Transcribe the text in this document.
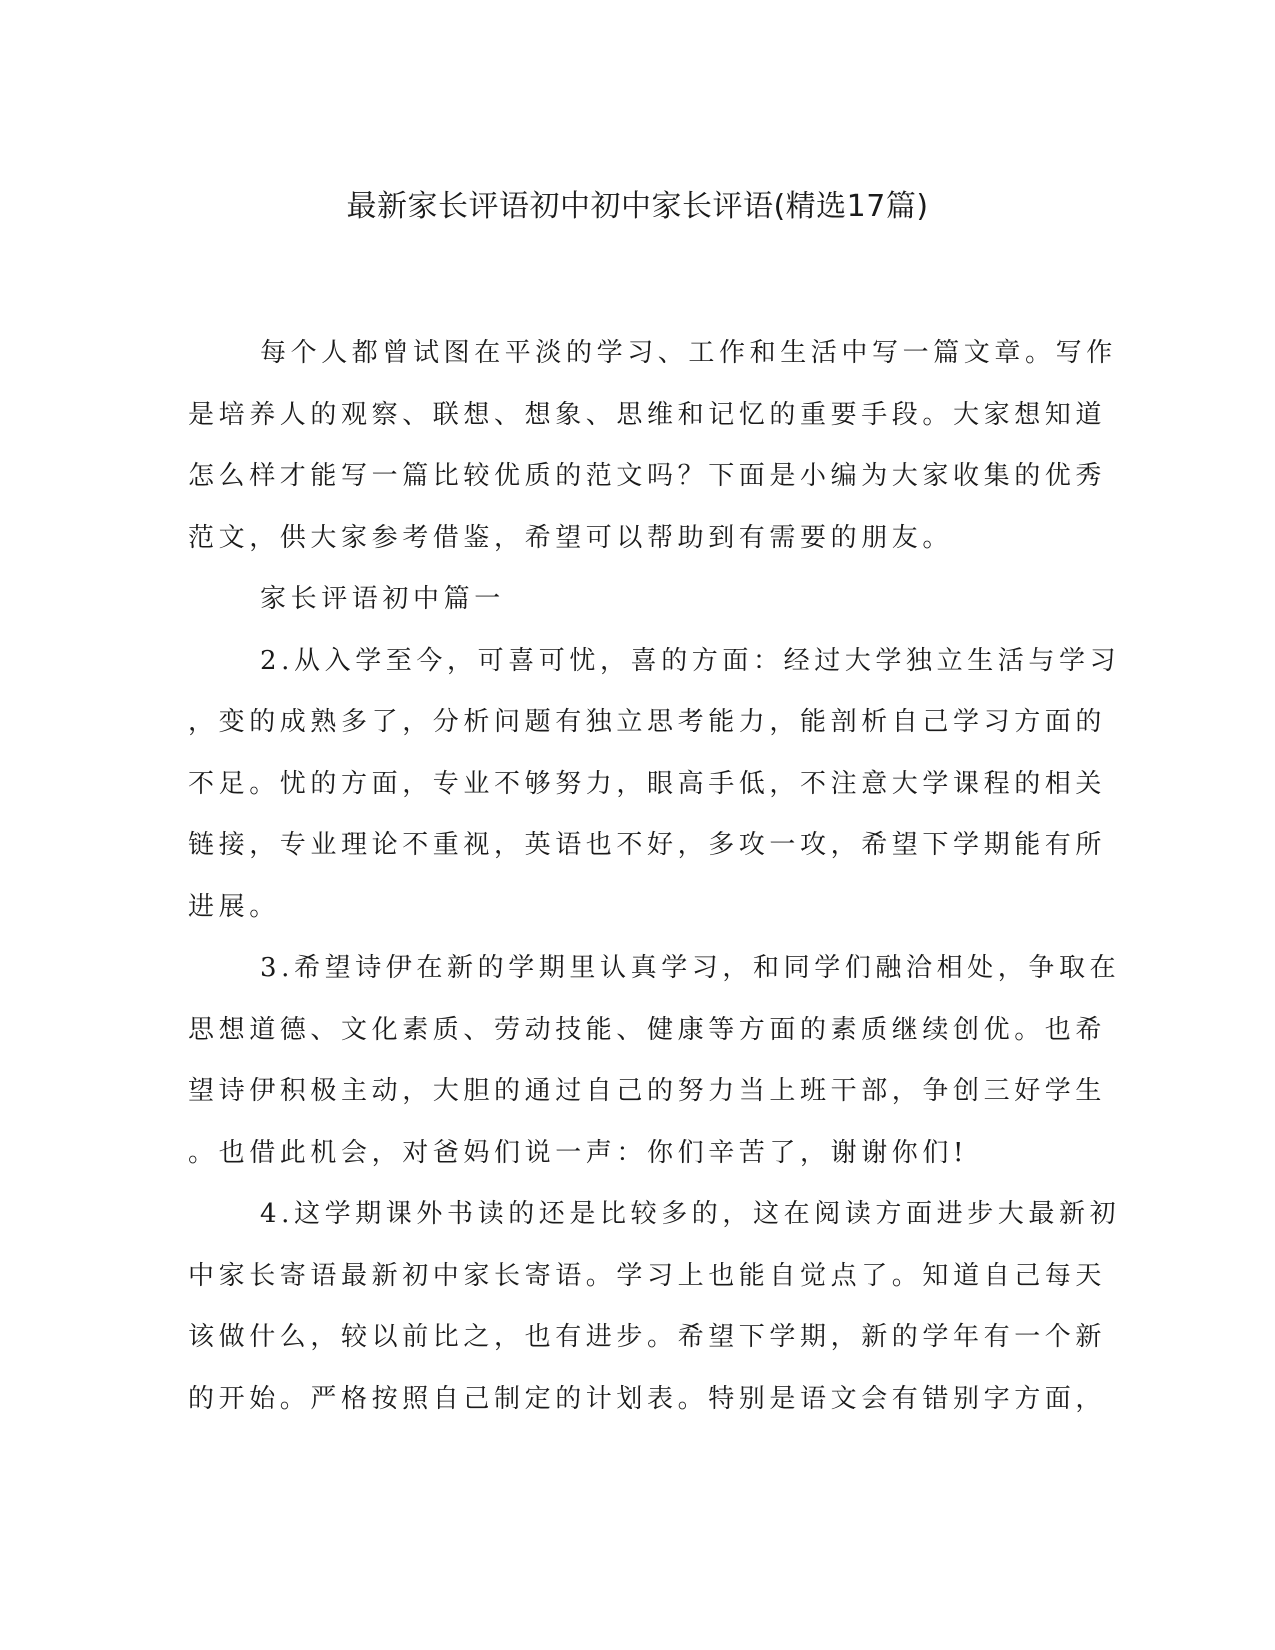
最新家长评语初中初中家长评语(精选17篇)
每个人都曾试图在平淡的学习、工作和生活中写一篇文章。写作
是培养人的观察、联想、想象、思维和记忆的重要手段。大家想知道
怎么样才能写一篇比较优质的范文吗？下面是小编为大家收集的优秀
范文，供大家参考借鉴，希望可以帮助到有需要的朋友。
家长评语初中篇一
2.从入学至今，可喜可忧，喜的方面：经过大学独立生活与学习
，变的成熟多了，分析问题有独立思考能力，能剖析自己学习方面的
不足。忧的方面，专业不够努力，眼高手低，不注意大学课程的相关
链接，专业理论不重视，英语也不好，多攻一攻，希望下学期能有所
进展。
3.希望诗伊在新的学期里认真学习，和同学们融洽相处，争取在
思想道德、文化素质、劳动技能、健康等方面的素质继续创优。也希
望诗伊积极主动，大胆的通过自己的努力当上班干部，争创三好学生
。也借此机会，对爸妈们说一声：你们辛苦了，谢谢你们!
4.这学期课外书读的还是比较多的，这在阅读方面进步大最新初
中家长寄语最新初中家长寄语。学习上也能自觉点了。知道自己每天
该做什么，较以前比之，也有进步。希望下学期，新的学年有一个新
的开始。严格按照自己制定的计划表。特别是语文会有错别字方面，
